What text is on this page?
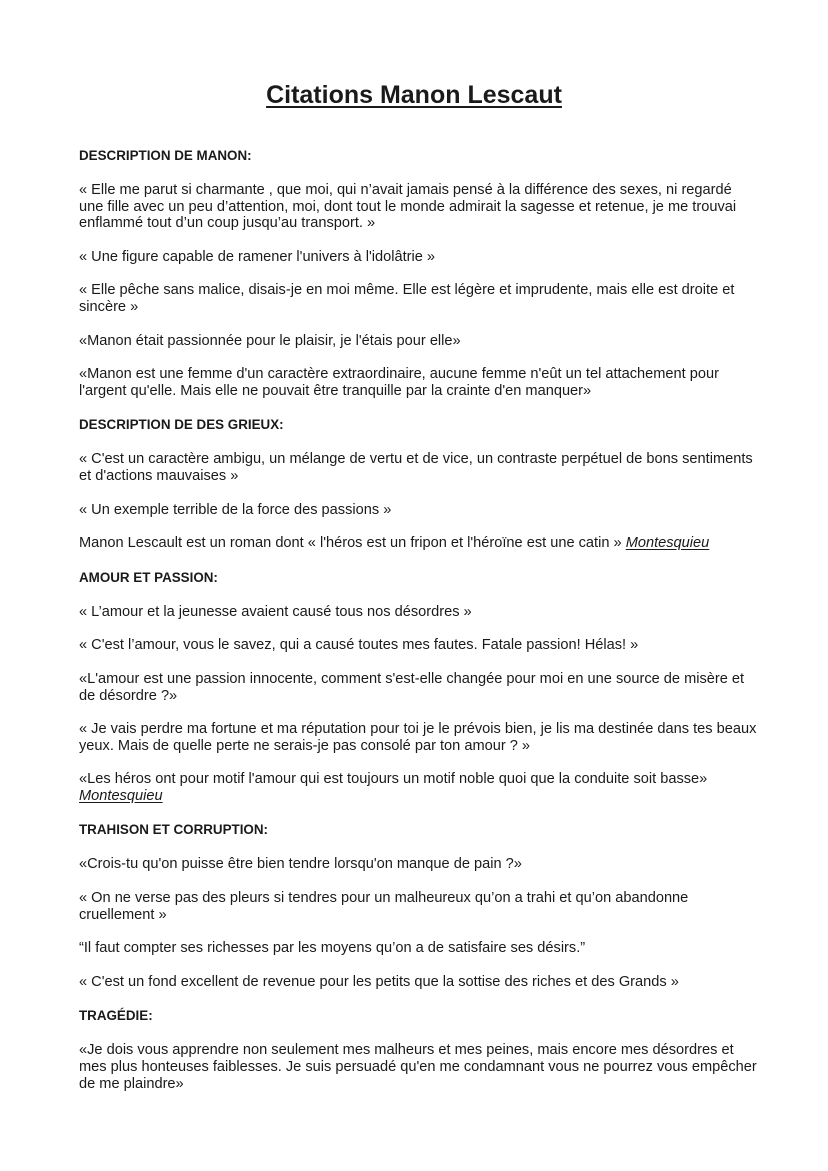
Citations Manon Lescaut
DESCRIPTION DE MANON:

« Elle me parut si charmante , que moi, qui n’avait jamais pensé à la différence des sexes, ni regardé une fille avec un peu d’attention, moi, dont tout le monde admirait la sagesse et retenue, je me trouvai enflammé tout d’un coup jusqu’au transport. »

« Une figure capable de ramener l'univers à l'idolâtrie »

« Elle pêche sans malice, disais-je en moi même. Elle est légère et imprudente, mais elle est droite et sincère »

«Manon était passionnée pour le plaisir, je l'étais pour elle»

«Manon est une femme d'un caractère extraordinaire, aucune femme n'eût un tel attachement pour l'argent qu'elle. Mais elle ne pouvait être tranquille par la crainte d'en manquer»

DESCRIPTION DE DES GRIEUX:

« C'est un caractère ambigu, un mélange de vertu et de vice, un contraste perpétuel de bons sentiments et d'actions mauvaises »

« Un exemple terrible de la force des passions »

Manon Lescault est un roman dont « l'héros est un fripon et l'héroïne est une catin » Montesquieu

AMOUR ET PASSION:

« L’amour et la jeunesse avaient causé tous nos désordres »

« C'est l’amour, vous le savez, qui a causé toutes mes fautes. Fatale passion! Hélas! »

«L'amour est une passion innocente, comment s'est-elle changée pour moi en une source de misère et de désordre ?»

« Je vais perdre ma fortune et ma réputation pour toi je le prévois bien, je lis ma destinée dans tes beaux yeux. Mais de quelle perte ne serais-je pas consolé par ton amour ? »

«Les héros ont pour motif l'amour qui est toujours un motif noble quoi que la conduite soit basse» Montesquieu

TRAHISON ET CORRUPTION:

«Crois-tu qu'on puisse être bien tendre lorsqu'on manque de pain ?»

« On ne verse pas des pleurs si tendres pour un malheureux qu’on a trahi et qu’on abandonne cruellement »

“Il faut compter ses richesses par les moyens qu’on a de satisfaire ses désirs.”

« C'est un fond excellent de revenue pour les petits que la sottise des riches et des Grands »

TRAGÉDIE:

«Je dois vous apprendre non seulement mes malheurs et mes peines, mais encore mes désordres et mes plus honteuses faiblesses. Je suis persuadé qu'en me condamnant vous ne pourrez vous empêcher de me plaindre»
